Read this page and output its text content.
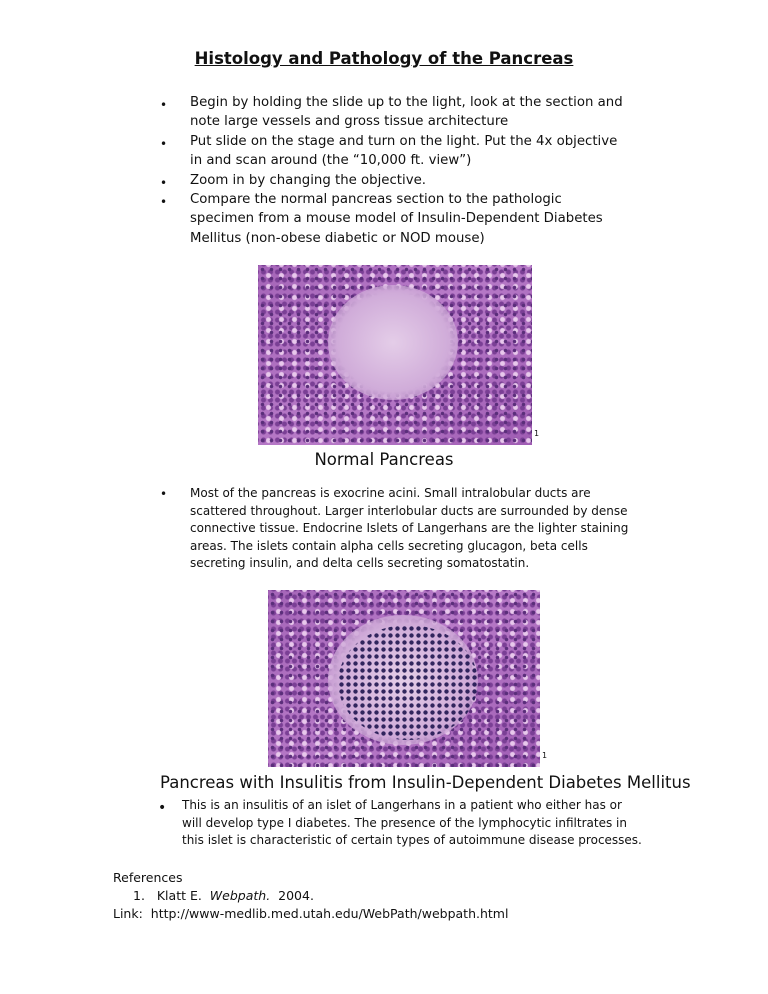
Histology and Pathology of the Pancreas
• Begin by holding the slide up to the light, look at the section and note large vessels and gross tissue architecture
• Put slide on the stage and turn on the light. Put the 4x objective in and scan around (the “10,000 ft. view”)
• Zoom in by changing the objective.
• Compare the normal pancreas section to the pathologic specimen from a mouse model of Insulin-Dependent Diabetes Mellitus (non-obese diabetic or NOD mouse)
1
Normal Pancreas
• Most of the pancreas is exocrine acini. Small intralobular ducts are scattered throughout. Larger interlobular ducts are surrounded by dense connective tissue. Endocrine Islets of Langerhans are the lighter staining areas. The islets contain alpha cells secreting glucagon, beta cells secreting insulin, and delta cells secreting somatostatin.
1
Pancreas with Insulitis from Insulin-Dependent Diabetes Mellitus
• This is an insulitis of an islet of Langerhans in a patient who either has or will develop type I diabetes. The presence of the lymphocytic infiltrates in this islet is characteristic of certain types of autoimmune disease processes.
References
1. Klatt E. Webpath. 2004.
Link: http://www-medlib.med.utah.edu/WebPath/webpath.html
